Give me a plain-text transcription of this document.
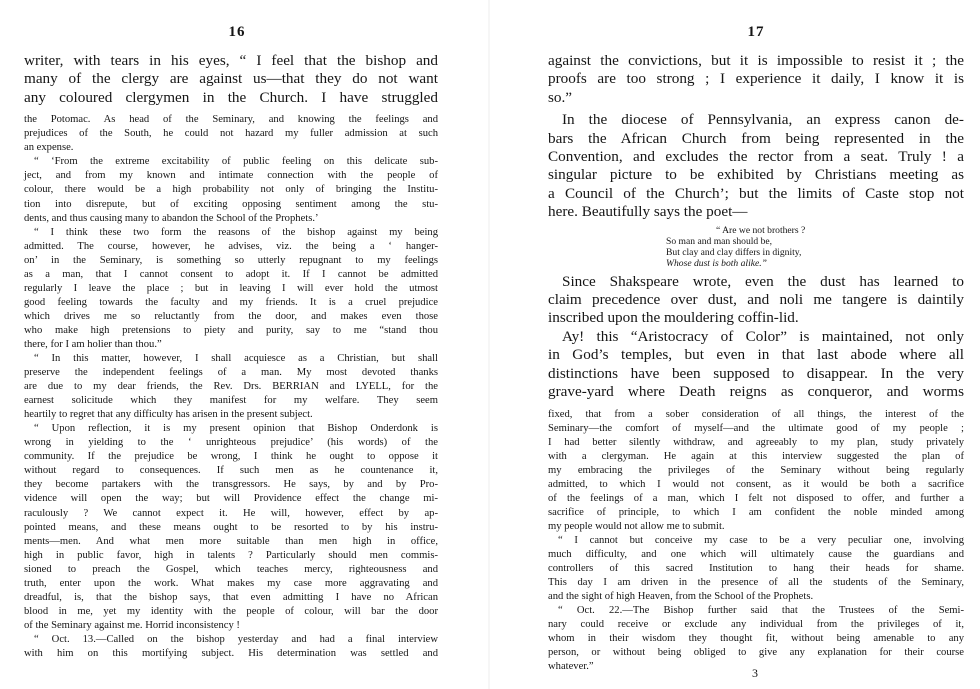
16
writer, with tears in his eyes, “ I feel that the bishop and
many of the clergy are against us—that they do not want
any coloured clergymen in the Church. I have struggled
the Potomac. As head of the Seminary, and knowing the feelings and
prejudices of the South, he could not hazard my fuller admission at such
an expense.
“ ‘From the extreme excitability of public feeling on this delicate sub-
ject, and from my known and intimate connection with the people of
colour, there would be a high probability not only of bringing the Institu-
tion into disrepute, but of exciting opposing sentiment among the stu-
dents, and thus causing many to abandon the School of the Prophets.’
“ I think these two form the reasons of the bishop against my being
admitted. The course, however, he advises, viz. the being a ‘ hanger-
on’ in the Seminary, is something so utterly repugnant to my feelings
as a man, that I cannot consent to adopt it. If I cannot be admitted
regularly I leave the place ; but in leaving I will ever hold the utmost
good feeling towards the faculty and my friends. It is a cruel prejudice
which drives me so reluctantly from the door, and makes even those
who make high pretensions to piety and purity, say to me “stand thou
there, for I am holier than thou.”
“ In this matter, however, I shall acquiesce as a Christian, but shall
preserve the independent feelings of a man. My most devoted thanks
are due to my dear friends, the Rev. Drs. BERRIAN and LYELL, for the
earnest solicitude which they manifest for my welfare. They seem
heartily to regret that any difficulty has arisen in the present subject.
“ Upon reflection, it is my present opinion that Bishop Onderdonk is
wrong in yielding to the ‘ unrighteous prejudice’ (his words) of the
community. If the prejudice be wrong, I think he ought to oppose it
without regard to consequences. If such men as he countenance it,
they become partakers with the transgressors. He says, by and by Pro-
vidence will open the way; but will Providence effect the change mi-
raculously ? We cannot expect it. He will, however, effect by ap-
pointed means, and these means ought to be resorted to by his instru-
ments—men. And what men more suitable than men high in office,
high in public favor, high in talents ? Particularly should men commis-
sioned to preach the Gospel, which teaches mercy, righteousness and
truth, enter upon the work. What makes my case more aggravating and
dreadful, is, that the bishop says, that even admitting I have no African
blood in me, yet my identity with the people of colour, will bar the door
of the Seminary against me. Horrid inconsistency !
“ Oct. 13.—Called on the bishop yesterday and had a final interview
with him on this mortifying subject. His determination was settled and
17
against the convictions, but it is impossible to resist it ; the
proofs are too strong ; I experience it daily, I know it is
so.”
In the diocese of Pennsylvania, an express canon de-
bars the African Church from being represented in the
Convention, and excludes the rector from a seat. Truly ! a
singular picture to be exhibited by Christians meeting as
a Council of the Church’; but the limits of Caste stop not
here. Beautifully says the poet—
“ Are we not brothers ?
So man and man should be,
But clay and clay differs in dignity,
Whose dust is both alike.”
Since Shakspeare wrote, even the dust has learned to
claim precedence over dust, and noli me tangere is daintily
inscribed upon the mouldering coffin-lid.
Ay! this “Aristocracy of Color” is maintained, not only
in God’s temples, but even in that last abode where all
distinctions have been supposed to disappear. In the very
grave-yard where Death reigns as conqueror, and worms
fixed, that from a sober consideration of all things, the interest of the
Seminary—the comfort of myself—and the ultimate good of my people ;
I had better silently withdraw, and agreeably to my plan, study privately
with a clergyman. He again at this interview suggested the plan of
my embracing the privileges of the Seminary without being regularly
admitted, to which I would not consent, as it would be both a sacrifice
of the feelings of a man, which I felt not disposed to offer, and further a
sacrifice of principle, to which I am confident the noble minded among
my people would not allow me to submit.
“ I cannot but conceive my case to be a very peculiar one, involving
much difficulty, and one which will ultimately cause the guardians and
controllers of this sacred Institution to hang their heads for shame.
This day I am driven in the presence of all the students of the Seminary,
and the sight of high Heaven, from the School of the Prophets.
“ Oct. 22.—The Bishop further said that the Trustees of the Semi-
nary could receive or exclude any individual from the privileges of it,
whom in their wisdom they thought fit, without being amenable to any
person, or without being obliged to give any explanation for their course
whatever.”	3
